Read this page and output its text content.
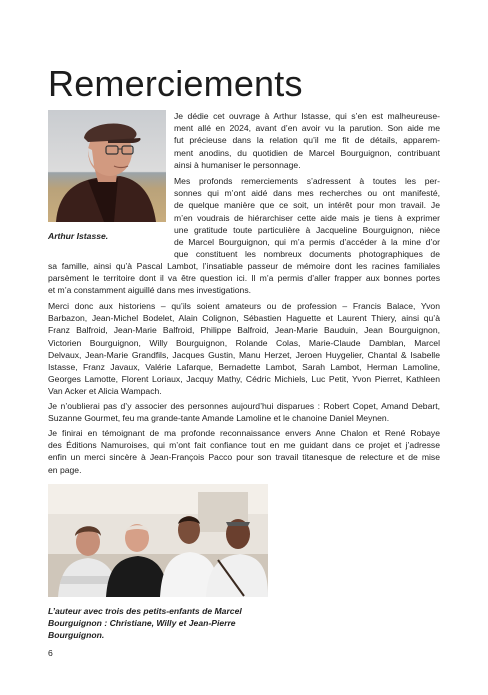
Remerciements
Arthur Istasse.
Je dédie cet ouvrage à Arthur Istasse, qui s’en est malheureuse-
ment allé en 2024, avant d’en avoir vu la parution. Son aide me
fut précieuse dans la relation qu’il me fit de détails, apparem-
ment anodins, du quotidien de Marcel Bourguignon, contribuant
ainsi à humaniser le personnage.
Mes profonds remerciements s’adressent à toutes les per-
sonnes qui m’ont aidé dans mes recherches ou ont manifesté,
de quelque manière que ce soit, un intérêt pour mon travail. Je
m’en voudrais de hiérarchiser cette aide mais je tiens à exprimer
une gratitude toute particulière à Jacqueline Bourguignon, nièce
de Marcel Bourguignon, qui m’a permis d’accéder à la mine d’or
que constituent les nombreux documents photographiques de
sa famille, ainsi qu’à Pascal Lambot, l’insatiable passeur de mémoire dont les racines familiales
parsèment le territoire dont il va être question ici. Il m’a permis d’aller frapper aux bonnes portes
et m’a constamment aiguillé dans mes investigations.
Merci donc aux historiens – qu’ils soient amateurs ou de profession – Francis Balace, Yvon
Barbazon, Jean-Michel Bodelet, Alain Colignon, Sébastien Haguette et Laurent Thiery, ainsi qu’à
Franz Balfroid, Jean-Marie Balfroid, Philippe Balfroid, Jean-Marie Bauduin, Jean Bourguignon,
Victorien Bourguignon, Willy Bourguignon, Rolande Colas, Marie-Claude Damblan, Marcel
Delvaux, Jean-Marie Grandfils, Jacques Gustin, Manu Herzet, Jeroen Huygelier, Chantal & Isabelle
Istasse, Franz Javaux, Valérie Lafarque, Bernadette Lambot, Sarah Lambot, Herman Lamoline,
Georges Lamotte, Florent Loriaux, Jacquy Mathy, Cédric Michiels, Luc Petit, Yvon Pierret, Kathleen
Van Acker et Alicia Wampach.
Je n’oublierai pas d’y associer des personnes aujourd’hui disparues : Robert Copet, Amand Debart,
Suzanne Gourmet, feu ma grande-tante Amande Lamoline et le chanoine Daniel Meynen.
Je finirai en témoignant de ma profonde reconnaissance envers Anne Chalon et René Robaye
des Éditions Namuroises, qui m’ont fait confiance tout en me guidant dans ce projet et j’adresse
enfin un merci sincère à Jean-François Pacco pour son travail titanesque de relecture et de mise
en page.
L’auteur avec trois des petits-enfants de Marcel
Bourguignon : Christiane, Willy et Jean-Pierre
Bourguignon.
6
